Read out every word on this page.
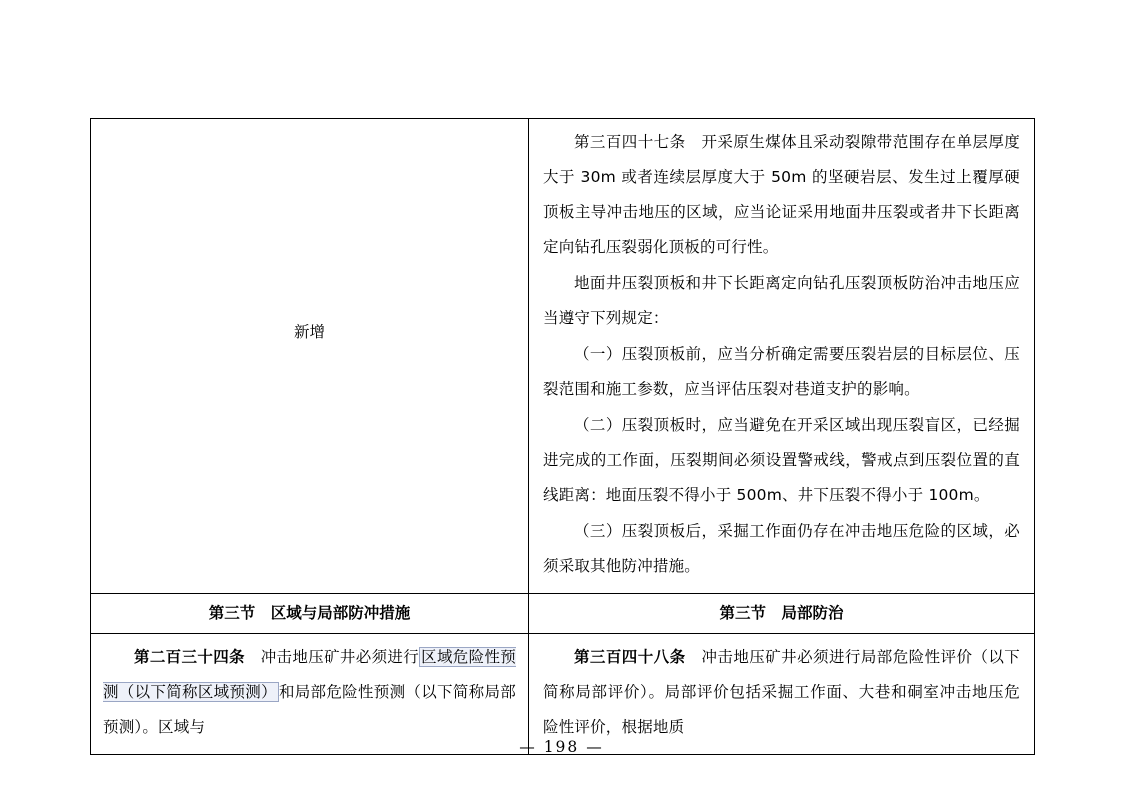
新增	第三百四十七条　开采原生煤体且采动裂隙带范围存在单层厚度大于 30m 或者连续层厚度大于 50m 的坚硬岩层、发生过上覆厚硬顶板主导冲击地压的区域，应当论证采用地面井压裂或者井下长距离定向钻孔压裂弱化顶板的可行性。

地面井压裂顶板和井下长距离定向钻孔压裂顶板防治冲击地压应当遵守下列规定：

（一）压裂顶板前，应当分析确定需要压裂岩层的目标层位、压裂范围和施工参数，应当评估压裂对巷道支护的影响。

（二）压裂顶板时，应当避免在开采区域出现压裂盲区，已经掘进完成的工作面，压裂期间必须设置警戒线，警戒点到压裂位置的直线距离：地面压裂不得小于 500m、井下压裂不得小于 100m。

（三）压裂顶板后，采掘工作面仍存在冲击地压危险的区域，必须采取其他防冲措施。

第三节　区域与局部防冲措施	第三节　局部防治

第二百三十四条　 冲击地压矿井必须进行 区域危险性预测（以下简称区域预测） 和局部危险性预测（以下简称局部预测）。区域与	第三百四十八条　 冲击地压矿井必须进行局部危险性评价（以下简称局部评价）。局部评价包括采掘工作面、大巷和硐室冲击地压危险性评价，根据地质

— 198 —
